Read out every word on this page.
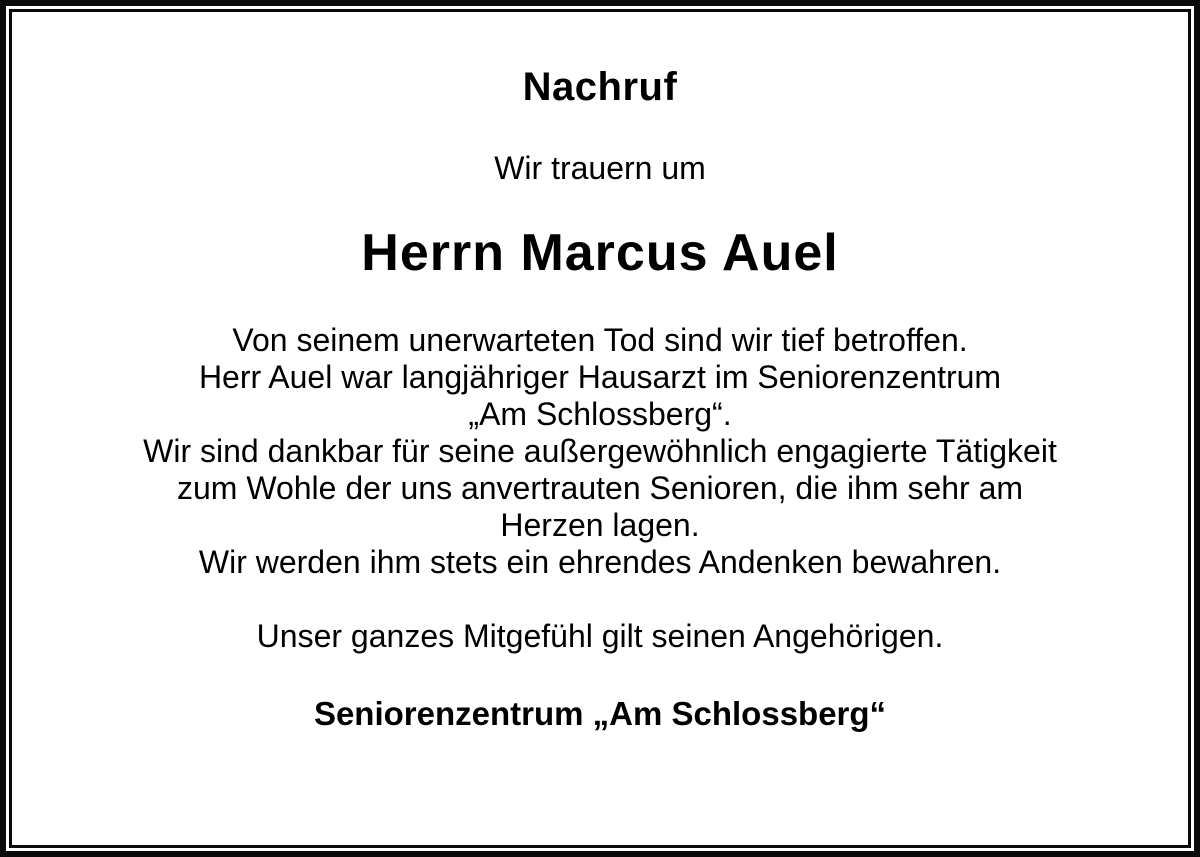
Nachruf
Wir trauern um
Herrn Marcus Auel
Von seinem unerwarteten Tod sind wir tief betroffen.
Herr Auel war langjähriger Hausarzt im Seniorenzentrum
„Am Schlossberg“.
Wir sind dankbar für seine außergewöhnlich engagierte Tätigkeit
zum Wohle der uns anvertrauten Senioren, die ihm sehr am
Herzen lagen.
Wir werden ihm stets ein ehrendes Andenken bewahren.
Unser ganzes Mitgefühl gilt seinen Angehörigen.
Seniorenzentrum „Am Schlossberg“
